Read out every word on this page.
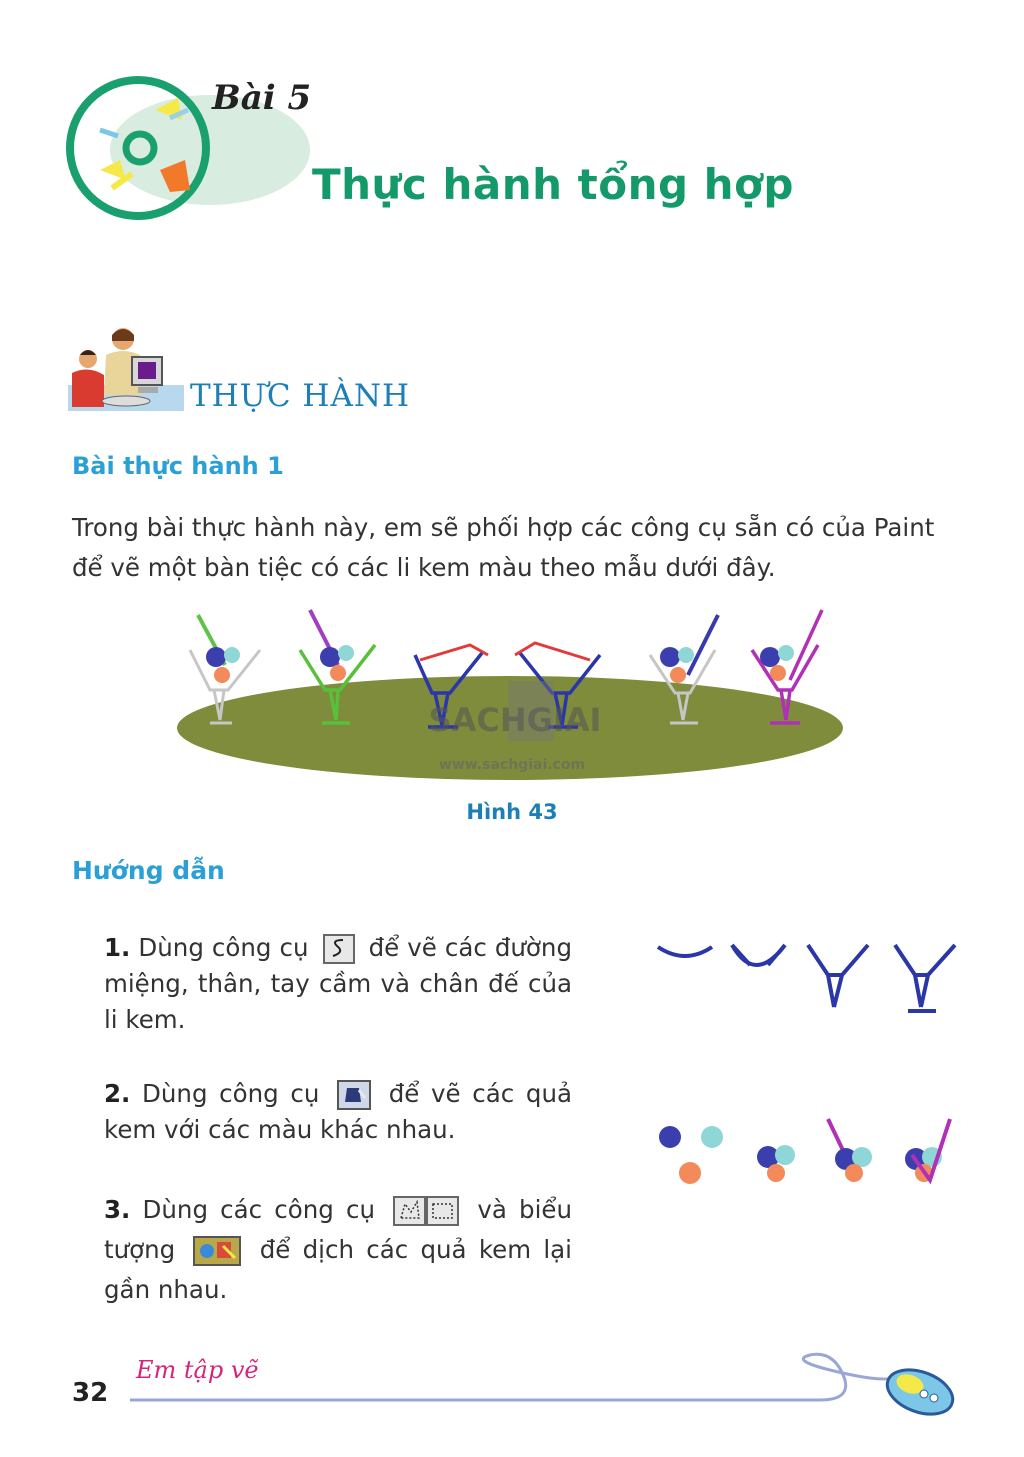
Bài 5
Thực hành tổng hợp
THỰC HÀNH
Bài thực hành 1
Trong bài thực hành này, em sẽ phối hợp các công cụ sẵn có của Paint để vẽ một bàn tiệc có các li kem màu theo mẫu dưới đây.
SACHGIAI
www.sachgiai.com
Hình 43
Hướng dẫn
1. Dùng công cụ để vẽ các đường miệng, thân, tay cầm và chân đế của li kem.
2. Dùng công cụ	để vẽ các quả kem với các màu khác nhau.
3. Dùng các công cụ	và biểu tượng	để dịch các quả kem lại gần nhau.
32
Em tập vẽ
